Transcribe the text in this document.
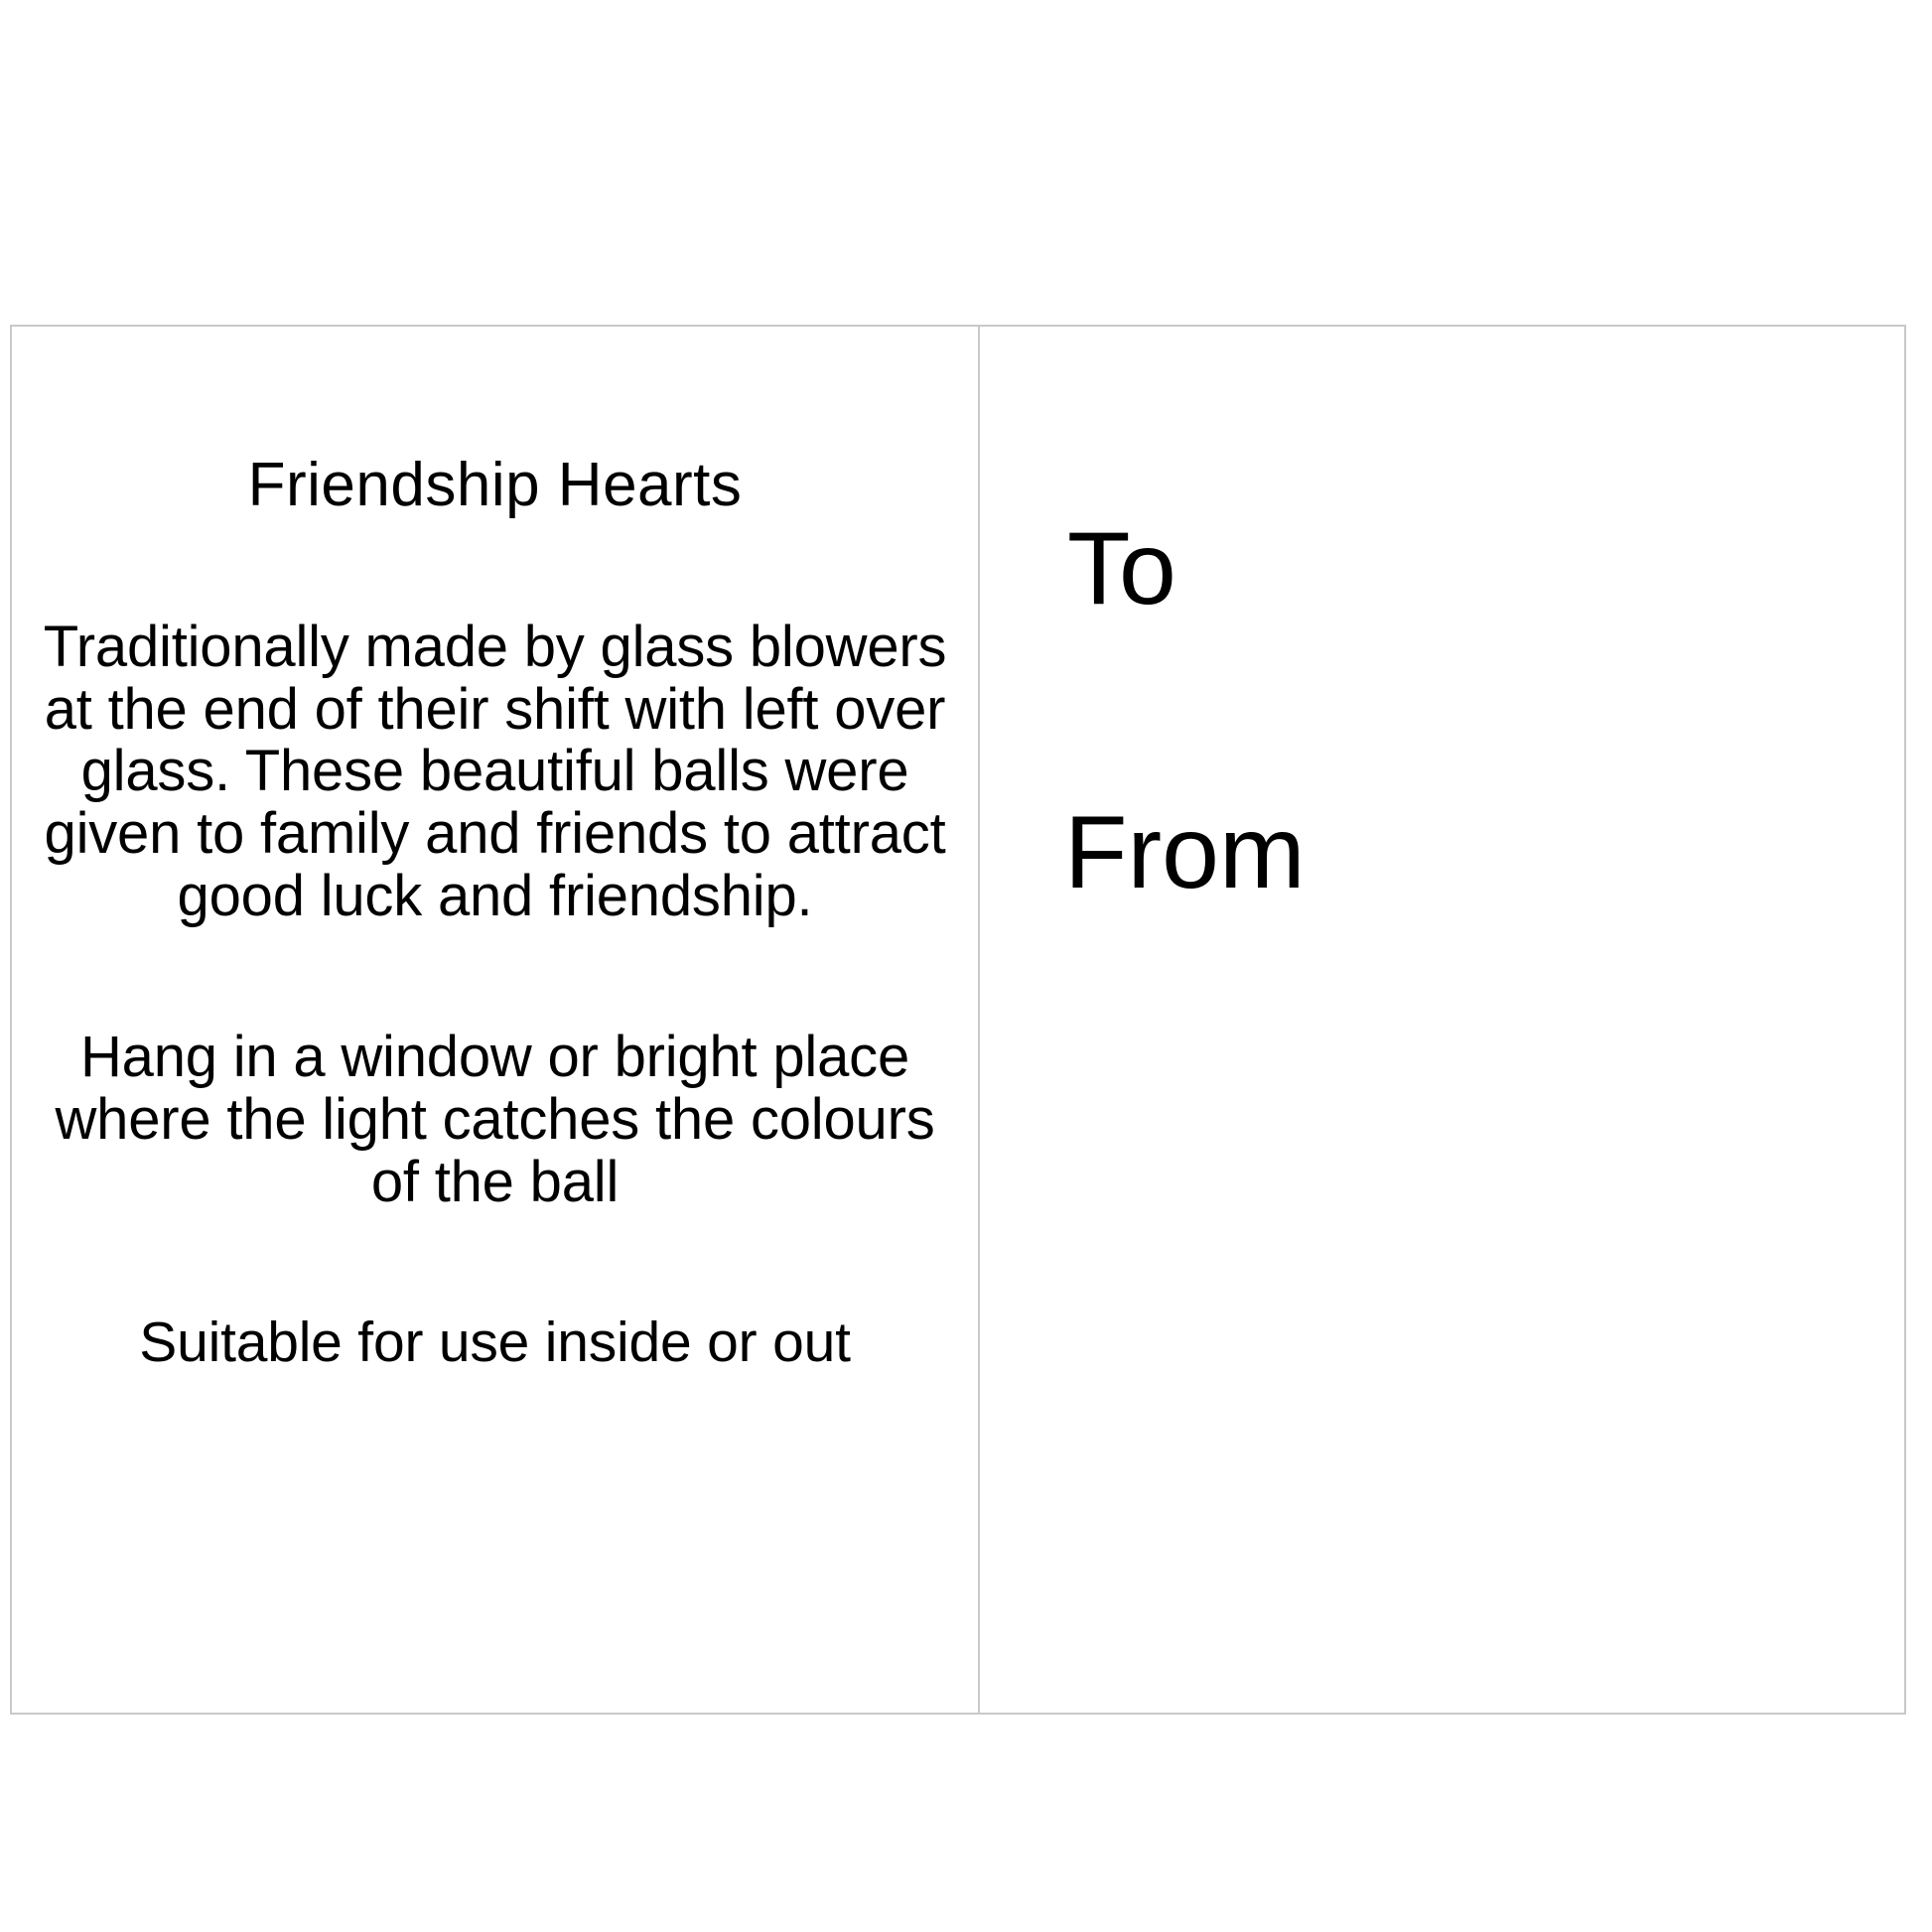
Friendship Hearts

Traditionally made by glass blowers at the end of their shift with left over glass. These beautiful balls were given to family and friends to attract good luck and friendship.

Hang in a window or bright place where the light catches the colours of the ball

Suitable for use inside or out

To

From
